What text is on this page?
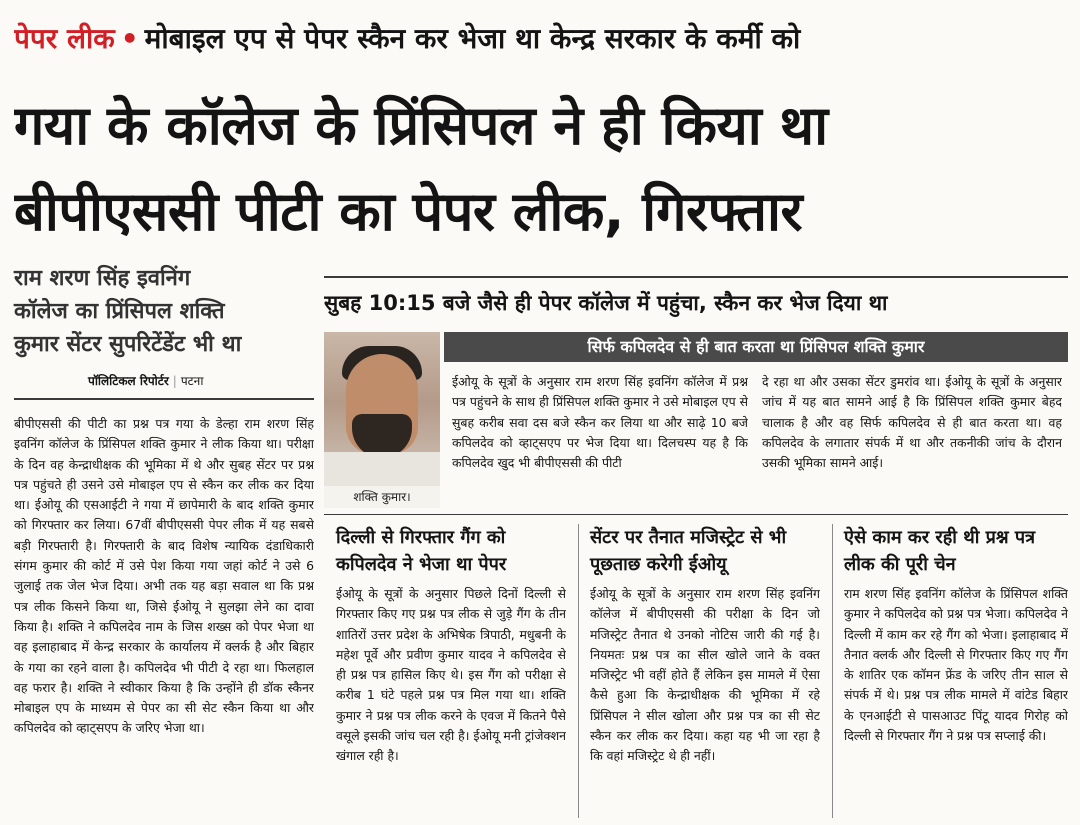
पेपर लीक • मोबाइल एप से पेपर स्कैन कर भेजा था केन्द्र सरकार के कर्मी को
गया के कॉलेज के प्रिंसिपल ने ही किया था
बीपीएससी पीटी का पेपर लीक, गिरफ्तार
राम शरण सिंह इवनिंग
कॉलेज का प्रिंसिपल शक्ति
कुमार सेंटर सुपरिटेंडेंट भी था
पॉलिटिकल रिपोर्टर | पटना
बीपीएससी की पीटी का प्रश्न पत्र गया के डेल्हा राम शरण सिंह इवनिंग कॉलेज के प्रिंसिपल शक्ति कुमार ने लीक किया था। परीक्षा के दिन वह केन्द्राधीक्षक की भूमिका में थे और सुबह सेंटर पर प्रश्न पत्र पहुंचते ही उसने उसे मोबाइल एप से स्कैन कर लीक कर दिया था। ईओयू की एसआईटी ने गया में छापेमारी के बाद शक्ति कुमार को गिरफ्तार कर लिया। 67वीं बीपीएससी पेपर लीक में यह सबसे बड़ी गिरफ्तारी है। गिरफ्तारी के बाद विशेष न्यायिक दंडाधिकारी संगम कुमार की कोर्ट में उसे पेश किया गया जहां कोर्ट ने उसे 6 जुलाई तक जेल भेज दिया। अभी तक यह बड़ा सवाल था कि प्रश्न पत्र लीक किसने किया था, जिसे ईओयू ने सुलझा लेने का दावा किया है। शक्ति ने कपिलदेव नाम के जिस शख्स को पेपर भेजा था वह इलाहाबाद में केन्द्र सरकार के कार्यालय में क्लर्क है और बिहार के गया का रहने वाला है। कपिलदेव भी पीटी दे रहा था। फिलहाल वह फरार है। शक्ति ने स्वीकार किया है कि उन्होंने ही डॉक स्कैनर मोबाइल एप के माध्यम से पेपर का सी सेट स्कैन किया था और कपिलदेव को व्हाट्सएप के जरिए भेजा था।
सुबह 10:15 बजे जैसे ही पेपर कॉलेज में पहुंचा, स्कैन कर भेज दिया था
शक्ति कुमार।
सिर्फ कपिलदेव से ही बात करता था प्रिंसिपल शक्ति कुमार
ईओयू के सूत्रों के अनुसार राम शरण सिंह इवनिंग कॉलेज में प्रश्न पत्र पहुंचने के साथ ही प्रिंसिपल शक्ति कुमार ने उसे मोबाइल एप से सुबह करीब सवा दस बजे स्कैन कर लिया था और साढ़े 10 बजे कपिलदेव को व्हाट्सएप पर भेज दिया था। दिलचस्प यह है कि कपिलदेव खुद भी बीपीएससी की पीटी
दे रहा था और उसका सेंटर डुमरांव था। ईओयू के सूत्रों के अनुसार जांच में यह बात सामने आई है कि प्रिंसिपल शक्ति कुमार बेहद चालाक है और वह सिर्फ कपिलदेव से ही बात करता था। वह कपिलदेव के लगातार संपर्क में था और तकनीकी जांच के दौरान उसकी भूमिका सामने आई।
दिल्ली से गिरफ्तार गैंग को कपिलदेव ने भेजा था पेपर
ईओयू के सूत्रों के अनुसार पिछले दिनों दिल्ली से गिरफ्तार किए गए प्रश्न पत्र लीक से जुड़े गैंग के तीन शातिरों उत्तर प्रदेश के अभिषेक त्रिपाठी, मधुबनी के महेश पूर्वे और प्रवीण कुमार यादव ने कपिलदेव से ही प्रश्न पत्र हासिल किए थे। इस गैंग को परीक्षा से करीब 1 घंटे पहले प्रश्न पत्र मिल गया था। शक्ति कुमार ने प्रश्न पत्र लीक करने के एवज में कितने पैसे वसूले इसकी जांच चल रही है। ईओयू मनी ट्रांजेक्शन खंगाल रही है।
सेंटर पर तैनात मजिस्ट्रेट से भी पूछताछ करेगी ईओयू
ईओयू के सूत्रों के अनुसार राम शरण सिंह इवनिंग कॉलेज में बीपीएससी की परीक्षा के दिन जो मजिस्ट्रेट तैनात थे उनको नोटिस जारी की गई है। नियमतः प्रश्न पत्र का सील खोले जाने के वक्त मजिस्ट्रेट भी वहीं होते हैं लेकिन इस मामले में ऐसा कैसे हुआ कि केन्द्राधीक्षक की भूमिका में रहे प्रिंसिपल ने सील खोला और प्रश्न पत्र का सी सेट स्कैन कर लीक कर दिया। कहा यह भी जा रहा है कि वहां मजिस्ट्रेट थे ही नहीं।
ऐसे काम कर रही थी प्रश्न पत्र लीक की पूरी चेन
राम शरण सिंह इवनिंग कॉलेज के प्रिंसिपल शक्ति कुमार ने कपिलदेव को प्रश्न पत्र भेजा। कपिलदेव ने दिल्ली में काम कर रहे गैंग को भेजा। इलाहाबाद में तैनात क्लर्क और दिल्ली से गिरफ्तार किए गए गैंग के शातिर एक कॉमन फ्रेंड के जरिए तीन साल से संपर्क में थे। प्रश्न पत्र लीक मामले में वांटेड बिहार के एनआईटी से पासआउट पिंटू यादव गिरोह को दिल्ली से गिरफ्तार गैंग ने प्रश्न पत्र सप्लाई की।
